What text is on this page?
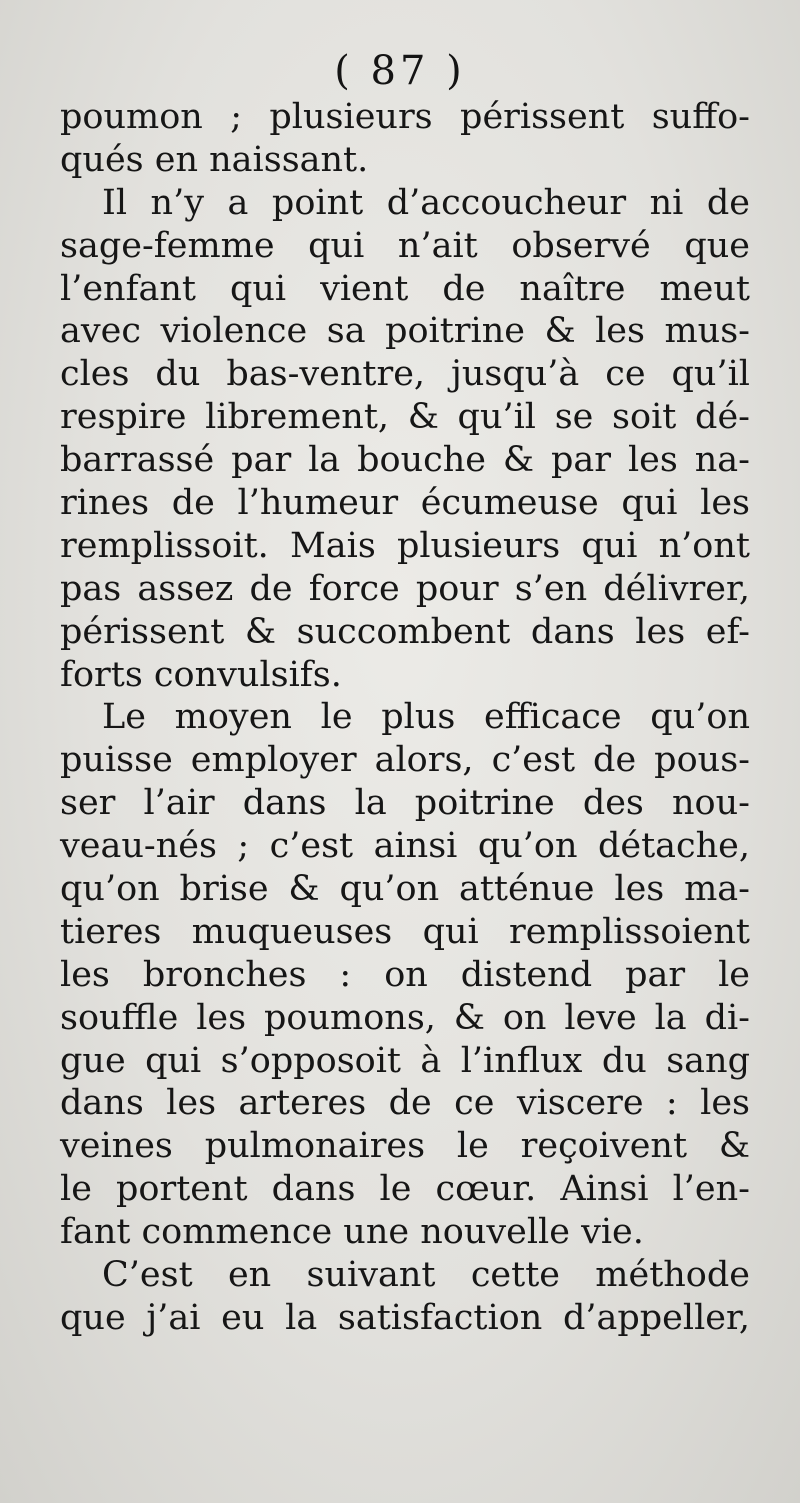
( 87 )
poumon ; plusieurs périssent suffo-
qués en naissant.
Il n’y a point d’accoucheur ni de
sage-femme qui n’ait observé que
l’enfant qui vient de naître meut
avec violence sa poitrine & les mus-
cles du bas-ventre, jusqu’à ce qu’il
respire librement, & qu’il se soit dé-
barrassé par la bouche & par les na-
rines de l’humeur écumeuse qui les
remplissoit. Mais plusieurs qui n’ont
pas assez de force pour s’en délivrer,
périssent & succombent dans les ef-
forts convulsifs.
Le moyen le plus efficace qu’on
puisse employer alors, c’est de pous-
ser l’air dans la poitrine des nou-
veau-nés ; c’est ainsi qu’on détache,
qu’on brise & qu’on atténue les ma-
tieres muqueuses qui remplissoient
les bronches : on distend par le
souffle les poumons, & on leve la di-
gue qui s’opposoit à l’influx du sang
dans les arteres de ce viscere : les
veines pulmonaires le reçoivent &
le portent dans le cœur. Ainsi l’en-
fant commence une nouvelle vie.
C’est en suivant cette méthode
que j’ai eu la satisfaction d’appeller,
